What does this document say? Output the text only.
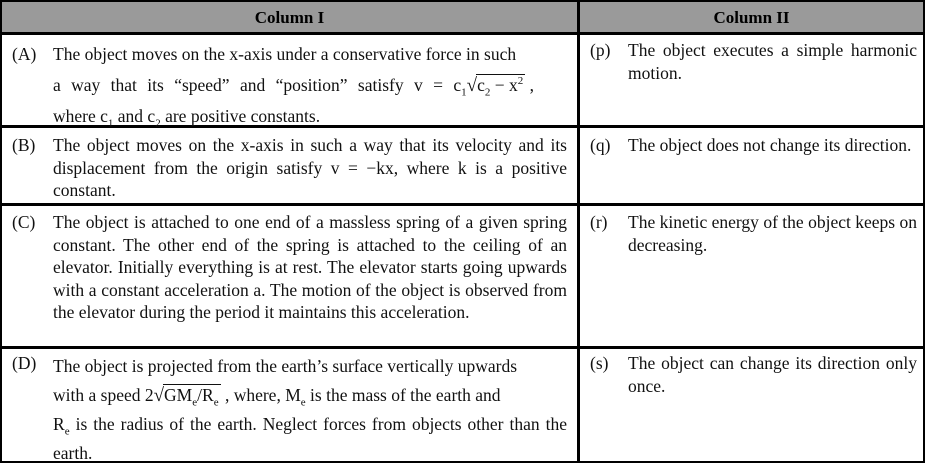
Column I	Column II
(A) The object moves on the x-axis under a conservative force in such
a way that its “speed” and “position” satisfy $v = c_1√c_2 - x^2$ ,
where $c_1$ and $c_2$ are positive constants.
(p) The object executes a simple harmonic motion.
(B) The object moves on the x-axis in such a way that its velocity and its displacement from the origin satisfy v = −kx, where k is a positive constant.
(q) The object does not change its direction.
(C) The object is attached to one end of a massless spring of a given spring constant. The other end of the spring is attached to the ceiling of an elevator. Initially everything is at rest. The elevator starts going upwards with a constant acceleration a. The motion of the object is observed from the elevator during the period it maintains this acceleration.
(r) The kinetic energy of the object keeps on decreasing.
(D) The object is projected from the earth’s surface vertically upwards
with a speed $2√GM_e/R_e$ , where, $M_e$ is the mass of the earth and
$R_e$ is the radius of the earth. Neglect forces from objects other than the earth.
(s) The object can change its direction only once.
